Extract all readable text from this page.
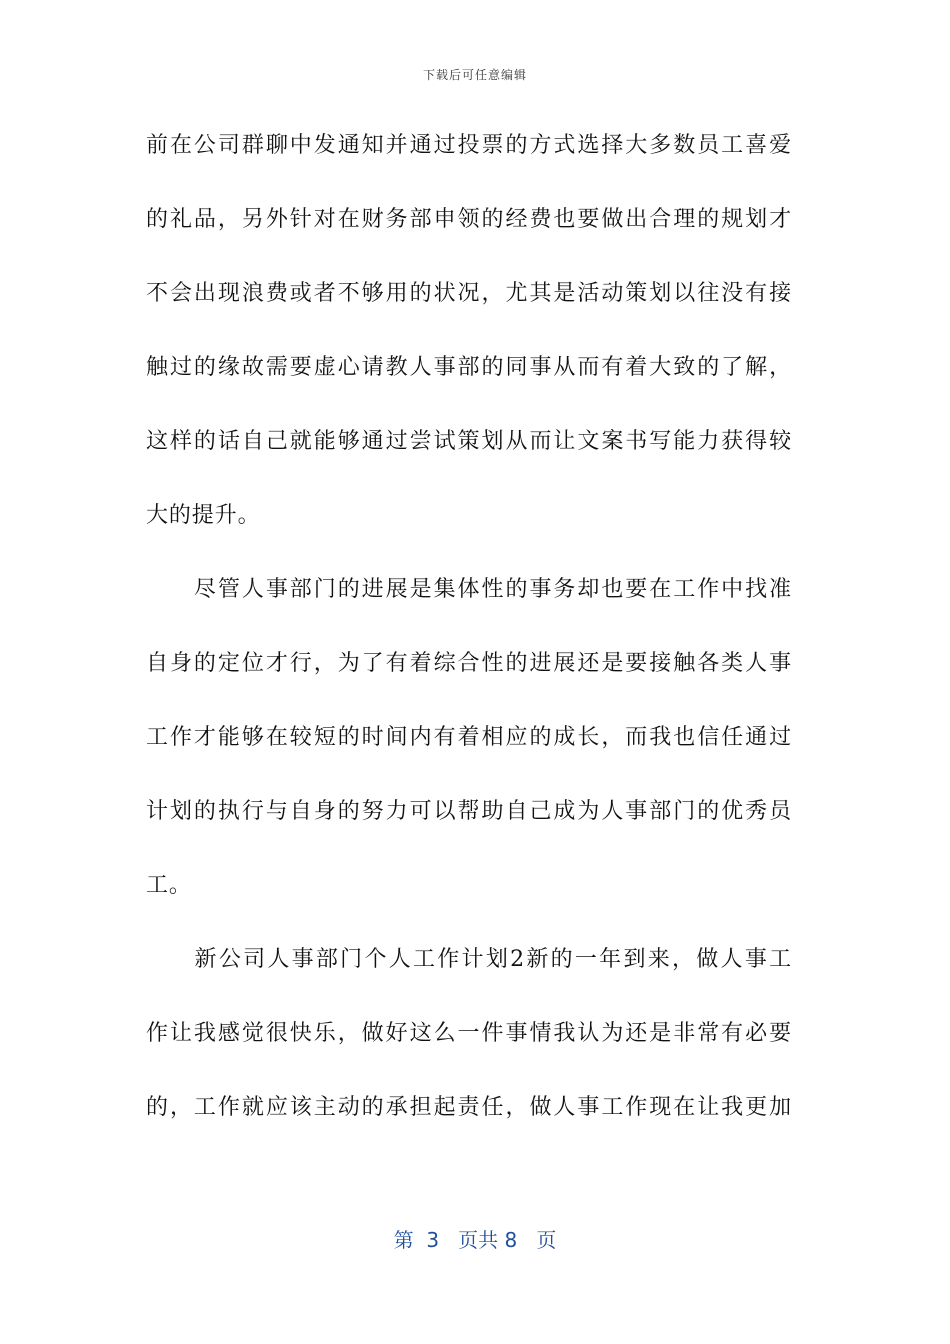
下载后可任意编辑
前在公司群聊中发通知并通过投票的方式选择大多数员工喜爱
的礼品，另外针对在财务部申领的经费也要做出合理的规划才
不会出现浪费或者不够用的状况，尤其是活动策划以往没有接
触过的缘故需要虚心请教人事部的同事从而有着大致的了解，
这样的话自己就能够通过尝试策划从而让文案书写能力获得较
大的提升。
　　尽管人事部门的进展是集体性的事务却也要在工作中找准
自身的定位才行，为了有着综合性的进展还是要接触各类人事
工作才能够在较短的时间内有着相应的成长，而我也信任通过
计划的执行与自身的努力可以帮助自己成为人事部门的优秀员
工。
　　新公司人事部门个人工作计划2新的一年到来，做人事工
作让我感觉很快乐，做好这么一件事情我认为还是非常有必要
的，工作就应该主动的承担起责任，做人事工作现在让我更加
第  3   页共 8   页
